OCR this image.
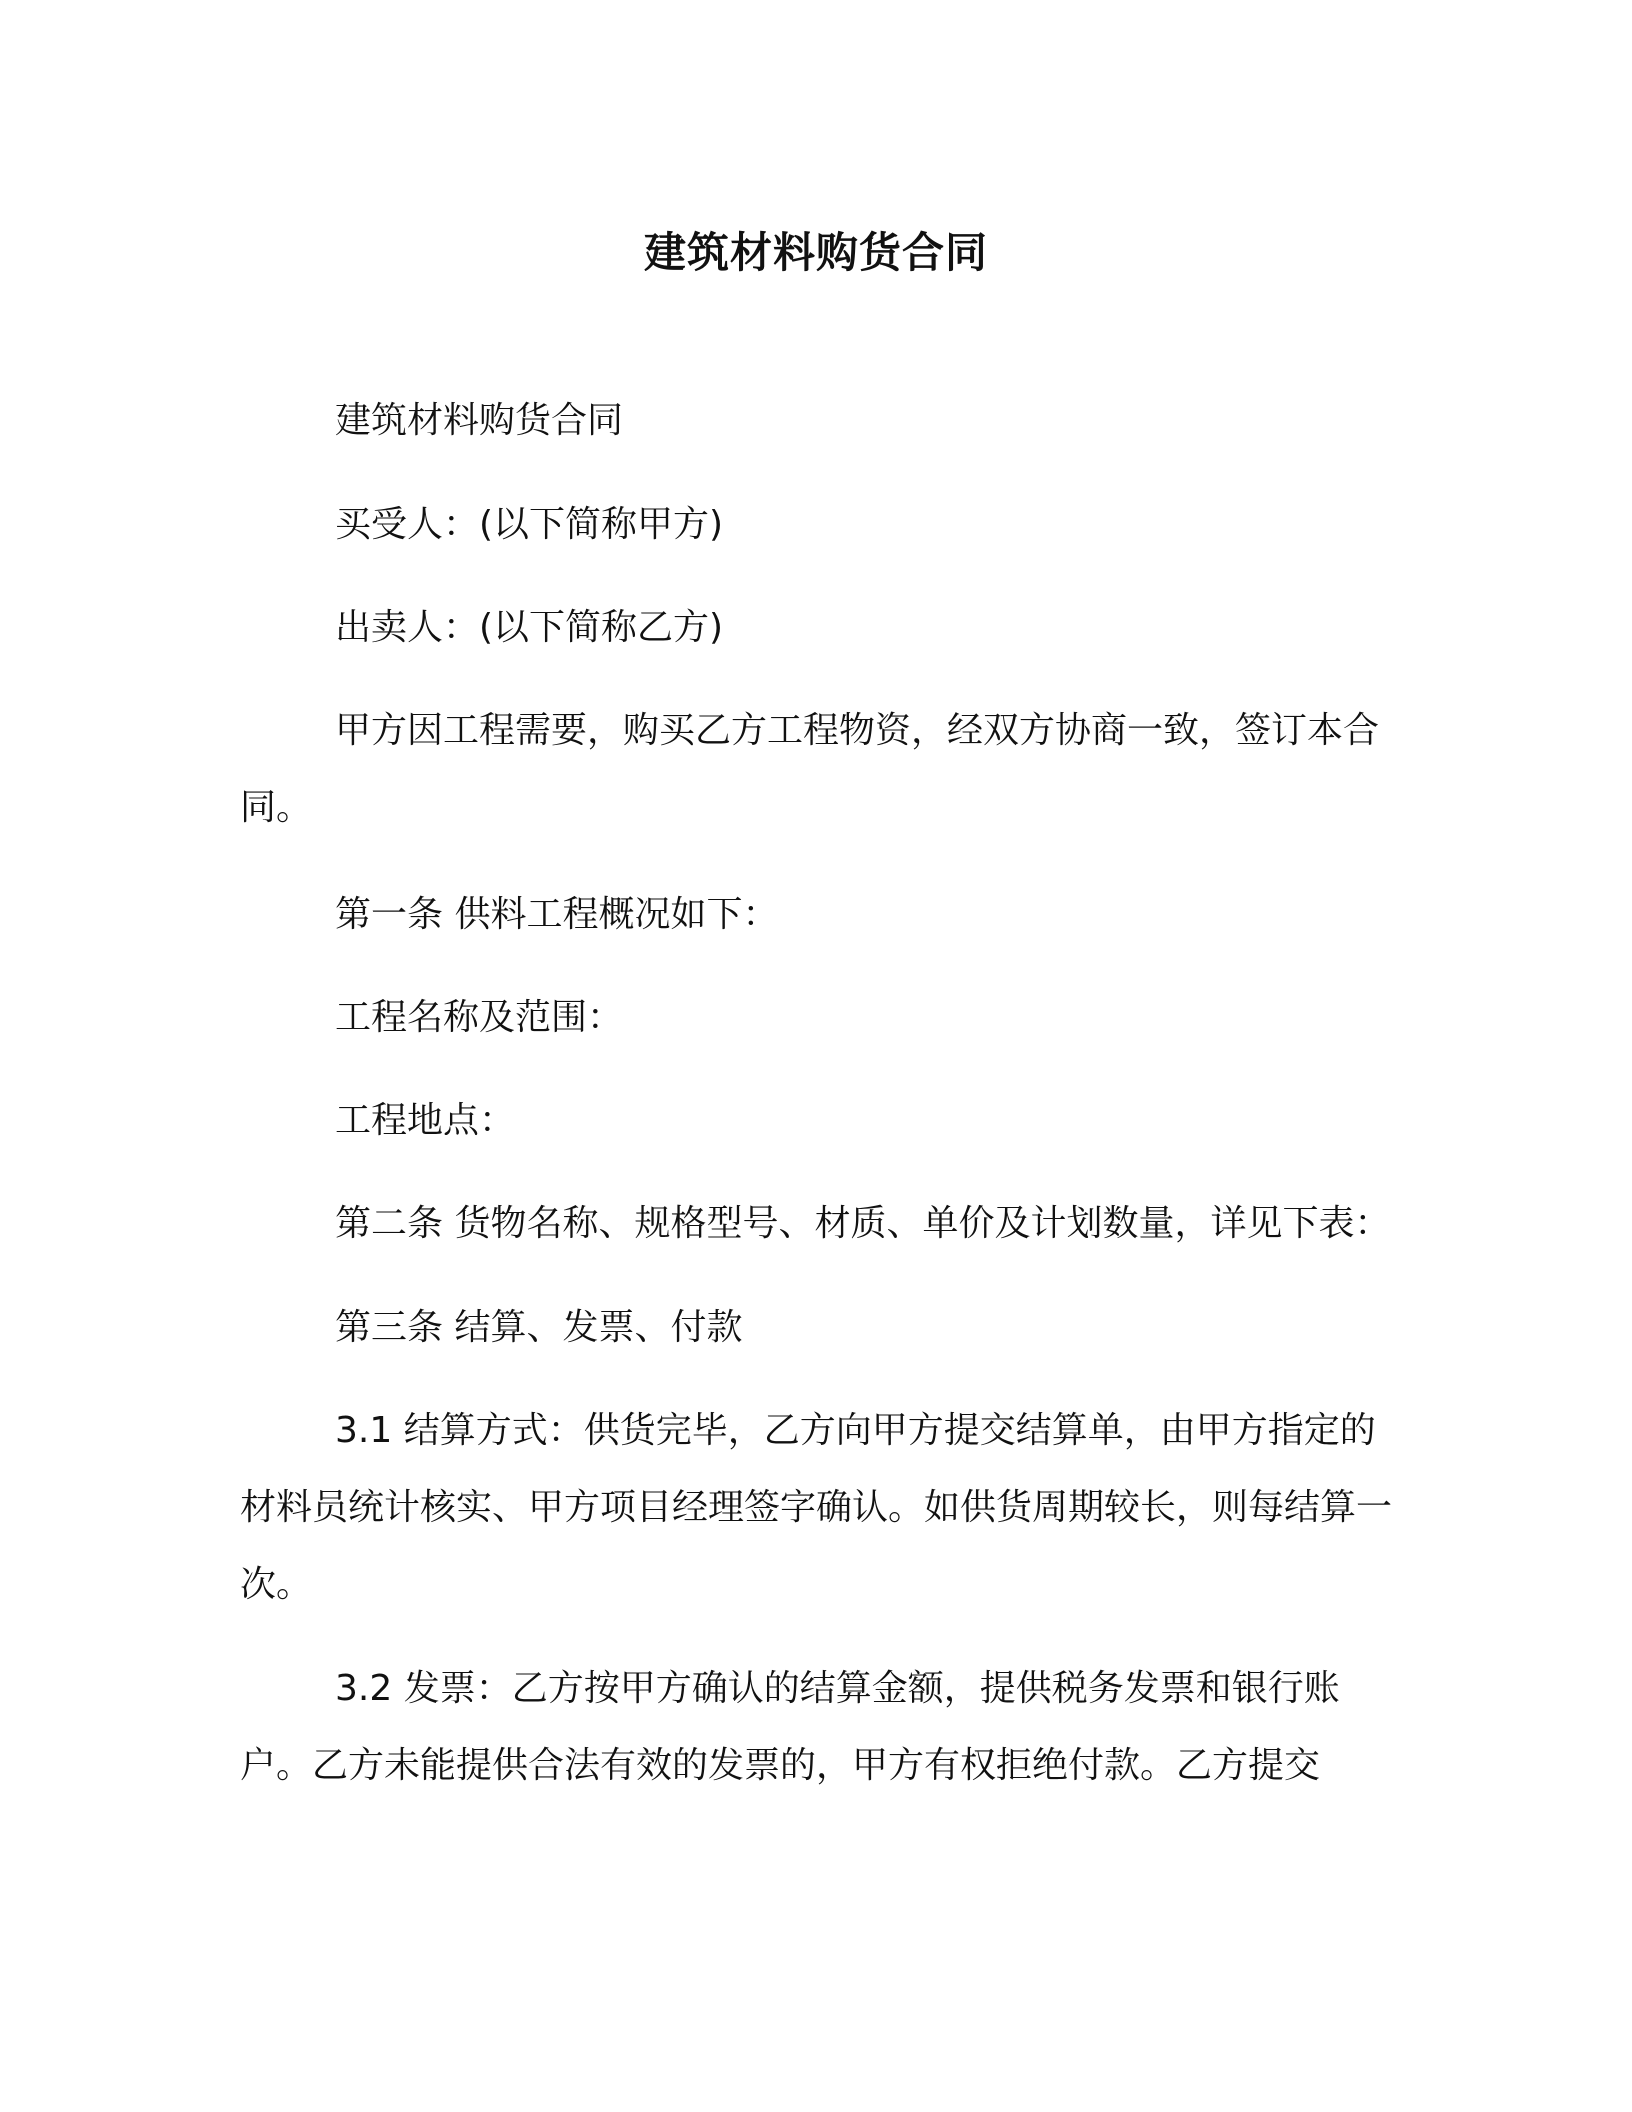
建筑材料购货合同

建筑材料购货合同

买受人：(以下简称甲方)

出卖人：(以下简称乙方)

甲方因工程需要，购买乙方工程物资，经双方协商一致，签订本合同。

第一条 供料工程概况如下：

工程名称及范围：

工程地点：

第二条 货物名称、规格型号、材质、单价及计划数量，详见下表：

第三条 结算、发票、付款

3.1 结算方式：供货完毕，乙方向甲方提交结算单，由甲方指定的材料员统计核实、甲方项目经理签字确认。如供货周期较长，则每结算一次。

3.2 发票：乙方按甲方确认的结算金额，提供税务发票和银行账户。乙方未能提供合法有效的发票的，甲方有权拒绝付款。乙方提交
